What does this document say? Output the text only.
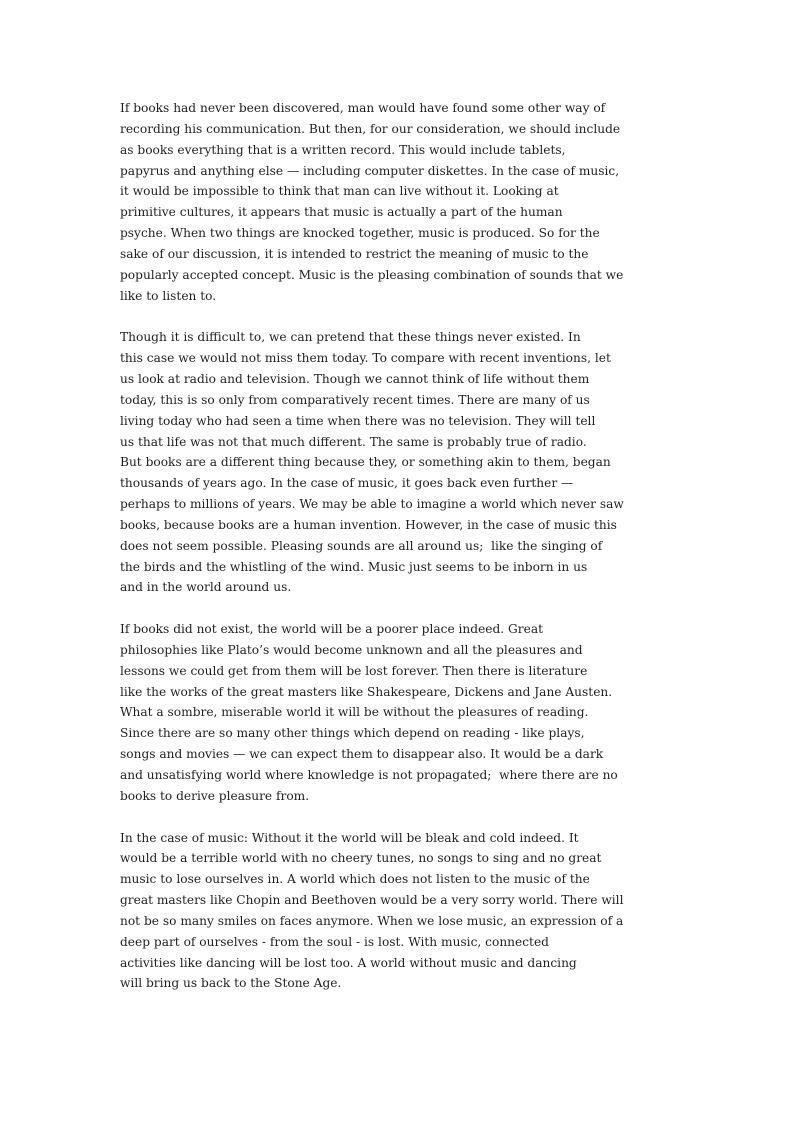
If books had never been discovered, man would have found some other way of
recording his communication. But then, for our consideration, we should include
as books everything that is a written record. This would include tablets,
papyrus and anything else — including computer diskettes. In the case of music,
it would be impossible to think that man can live without it. Looking at
primitive cultures, it appears that music is actually a part of the human
psyche. When two things are knocked together, music is produced. So for the
sake of our discussion, it is intended to restrict the meaning of music to the
popularly accepted concept. Music is the pleasing combination of sounds that we
like to listen to.
Though it is difficult to, we can pretend that these things never existed. In
this case we would not miss them today. To compare with recent inventions, let
us look at radio and television. Though we cannot think of life without them
today, this is so only from comparatively recent times. There are many of us
living today who had seen a time when there was no television. They will tell
us that life was not that much different. The same is probably true of radio.
But books are a different thing because they, or something akin to them, began
thousands of years ago. In the case of music, it goes back even further —
perhaps to millions of years. We may be able to imagine a world which never saw
books, because books are a human invention. However, in the case of music this
does not seem possible. Pleasing sounds are all around us;  like the singing of
the birds and the whistling of the wind. Music just seems to be inborn in us
and in the world around us.
If books did not exist, the world will be a poorer place indeed. Great
philosophies like Plato’s would become unknown and all the pleasures and
lessons we could get from them will be lost forever. Then there is literature
like the works of the great masters like Shakespeare, Dickens and Jane Austen.
What a sombre, miserable world it will be without the pleasures of reading.
Since there are so many other things which depend on reading - like plays,
songs and movies — we can expect them to disappear also. It would be a dark
and unsatisfying world where knowledge is not propagated;  where there are no
books to derive pleasure from.
In the case of music: Without it the world will be bleak and cold indeed. It
would be a terrible world with no cheery tunes, no songs to sing and no great
music to lose ourselves in. A world which does not listen to the music of the
great masters like Chopin and Beethoven would be a very sorry world. There will
not be so many smiles on faces anymore. When we lose music, an expression of a
deep part of ourselves - from the soul - is lost. With music, connected
activities like dancing will be lost too. A world without music and dancing
will bring us back to the Stone Age.
